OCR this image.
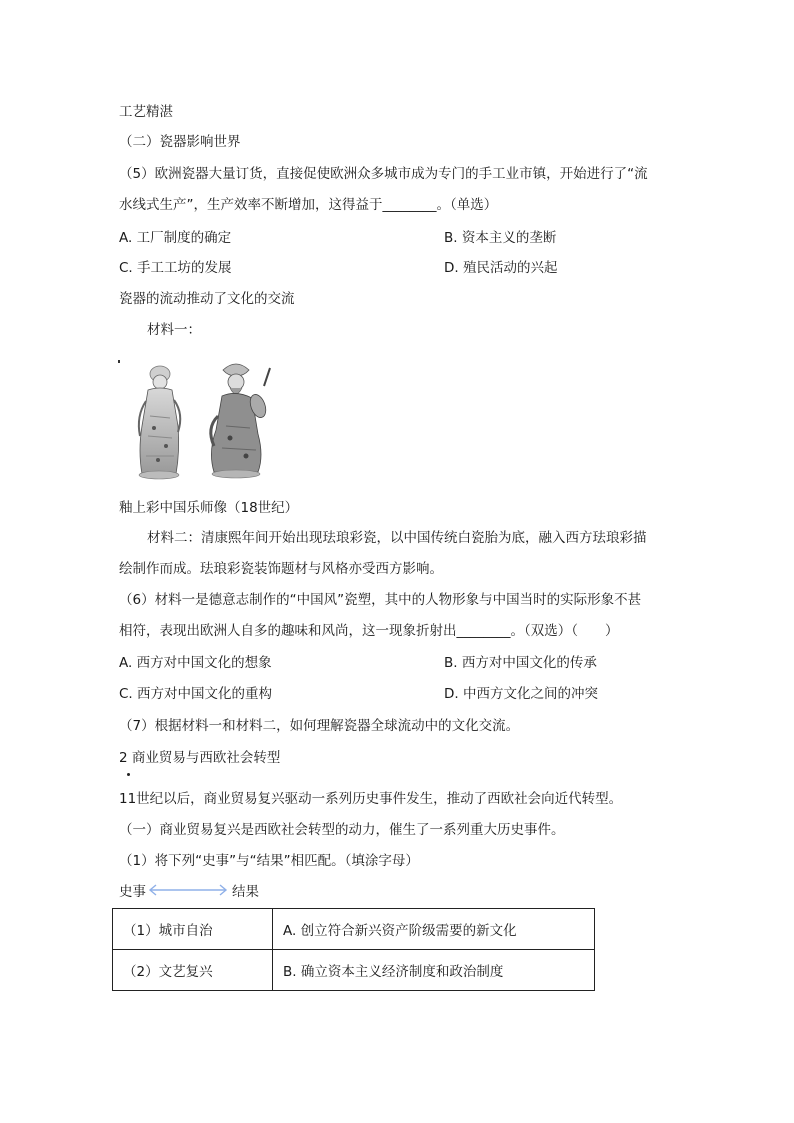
工艺精湛
（二）瓷器影响世界
（5）欧洲瓷器大量订货，直接促使欧洲众多城市成为专门的手工业市镇，开始进行了“流
水线式生产”，生产效率不断增加，这得益于________。（单选）
A. 工厂制度的确定	B. 资本主义的垄断
C. 手工工坊的发展	D. 殖民活动的兴起
瓷器的流动推动了文化的交流
材料一：
釉上彩中国乐师像（18世纪）
材料二：清康熙年间开始出现珐琅彩瓷，以中国传统白瓷胎为底，融入西方珐琅彩描
绘制作而成。珐琅彩瓷装饰题材与风格亦受西方影响。
（6）材料一是德意志制作的“中国风”瓷塑，其中的人物形象与中国当时的实际形象不甚
相符，表现出欧洲人自多的趣味和风尚，这一现象折射出________。（双选）（　　）
A. 西方对中国文化的想象	B. 西方对中国文化的传承
C. 西方对中国文化的重构	D. 中西方文化之间的冲突
（7）根据材料一和材料二，如何理解瓷器全球流动中的文化交流。
2 商业贸易与西欧社会转型
11世纪以后，商业贸易复兴驱动一系列历史事件发生，推动了西欧社会向近代转型。
（一）商业贸易复兴是西欧社会转型的动力，催生了一系列重大历史事件。
（1）将下列“史事”与“结果”相匹配。（填涂字母）
史事	结果
（1）城市自治	A. 创立符合新兴资产阶级需要的新文化
（2）文艺复兴	B. 确立资本主义经济制度和政治制度
